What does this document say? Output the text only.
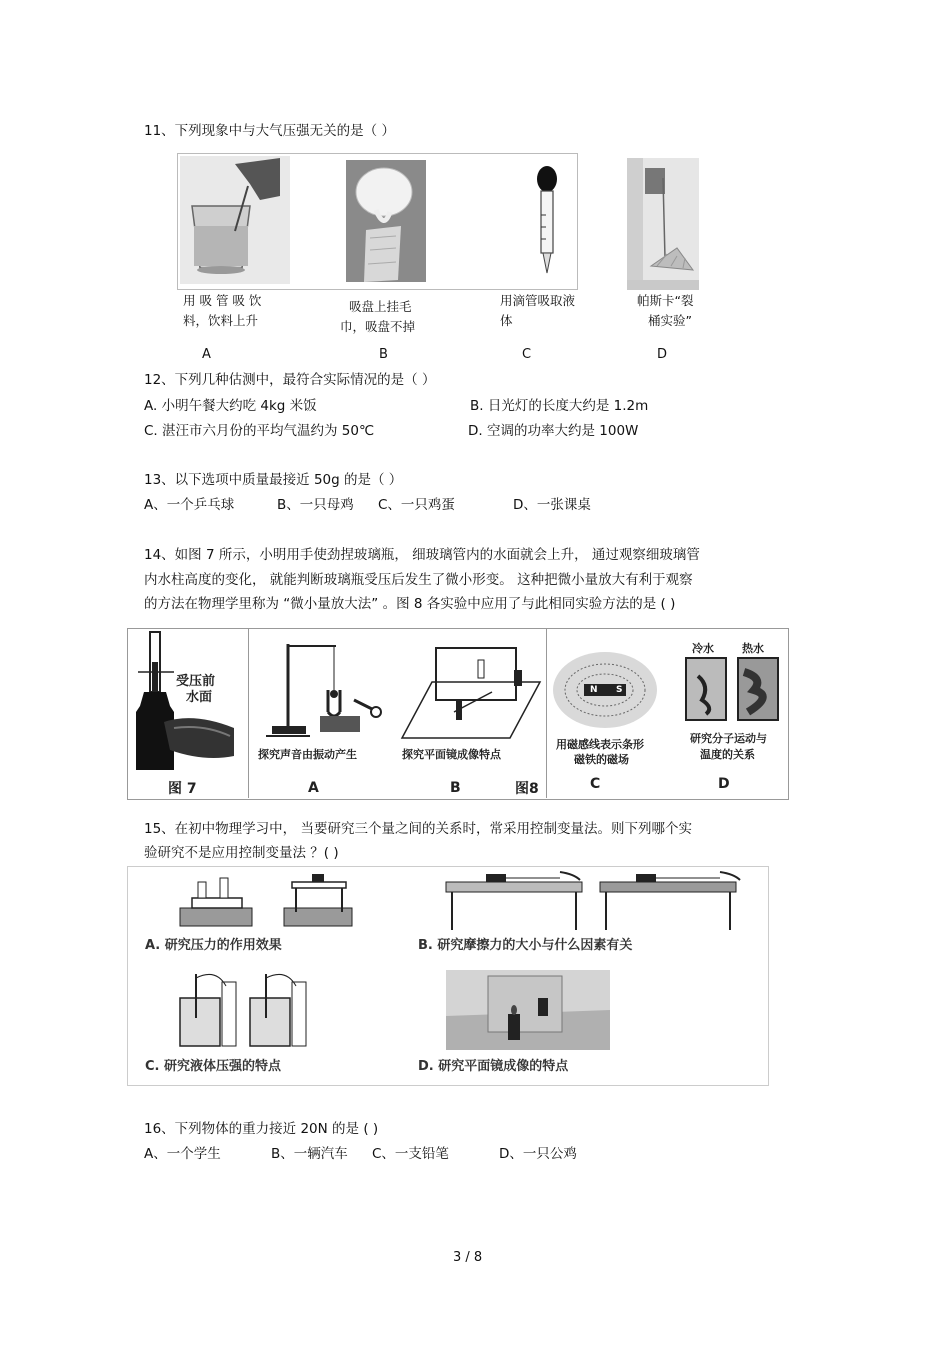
11、下列现象中与大气压强无关的是（ ）
用 吸 管 吸 饮
料，饮料上升
吸盘上挂毛
巾，吸盘不掉
用滴管吸取液
体
帕斯卡“裂
桶实验”
A	B	C	D
12、下列几种估测中，最符合实际情况的是（ ）
A. 小明午餐大约吃 4kg 米饭	B. 日光灯的长度大约是 1.2m
C. 湛汪市六月份的平均气温约为 50℃	D. 空调的功率大约是 100W
13、以下选项中质量最接近 50g 的是（ ）
A、一个乒乓球	B、一只母鸡 C、一只鸡蛋	D、一张课桌
14、如图 7 所示，小明用手使劲捏玻璃瓶， 细玻璃管内的水面就会上升， 通过观察细玻璃管
内水柱高度的变化， 就能判断玻璃瓶受压后发生了微小形变。 这种把微小量放大有利于观察
的方法在物理学里称为 “微小量放大法” 。图 8 各实验中应用了与此相同实验方法的是 ( )
受压前
水面
图 7
探究声音由振动产生
A
探究平面镜成像特点
B	图8
N S
用磁感线表示条形
磁铁的磁场
C
冷水	热水
研究分子运动与
温度的关系
D
15、在初中物理学习中， 当要研究三个量之间的关系时，常采用控制变量法。则下列哪个实
验研究不是应用控制变量法 ？( )
A. 研究压力的作用效果	B. 研究摩擦力的大小与什么因素有关
C. 研究液体压强的特点	D. 研究平面镜成像的特点
16、下列物体的重力接近 20N 的是 ( )
A、一个学生	B、一辆汽车 C、一支铅笔	D、一只公鸡
3 / 8
